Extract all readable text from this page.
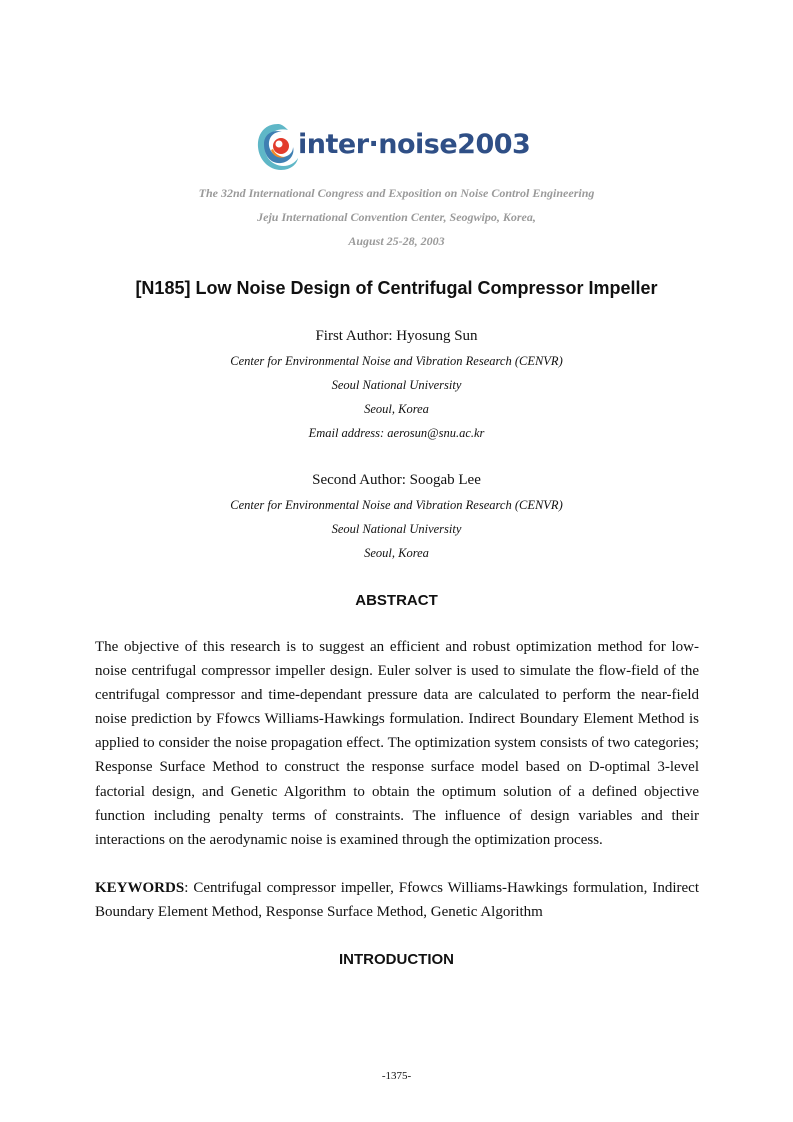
inter·noise2003
The 32nd International Congress and Exposition on Noise Control Engineering
Jeju International Convention Center, Seogwipo, Korea,
August 25-28, 2003
[N185] Low Noise Design of Centrifugal Compressor Impeller
First Author: Hyosung Sun
Center for Environmental Noise and Vibration Research (CENVR)
Seoul National University
Seoul, Korea
Email address: aerosun@snu.ac.kr
Second Author: Soogab Lee
Center for Environmental Noise and Vibration Research (CENVR)
Seoul National University
Seoul, Korea
ABSTRACT

The objective of this research is to suggest an efficient and robust optimization method for low-noise centrifugal compressor impeller design. Euler solver is used to simulate the flow-field of the centrifugal compressor and time-dependant pressure data are calculated to perform the near-field noise prediction by Ffowcs Williams-Hawkings formulation. Indirect Boundary Element Method is applied to consider the noise propagation effect. The optimization system consists of two categories; Response Surface Method to construct the response surface model based on D-optimal 3-level factorial design, and Genetic Algorithm to obtain the optimum solution of a defined objective function including penalty terms of constraints. The influence of design variables and their interactions on the aerodynamic noise is examined through the optimization process.

KEYWORDS: Centrifugal compressor impeller, Ffowcs Williams-Hawkings formulation, Indirect Boundary Element Method, Response Surface Method, Genetic Algorithm

INTRODUCTION
-1375-
